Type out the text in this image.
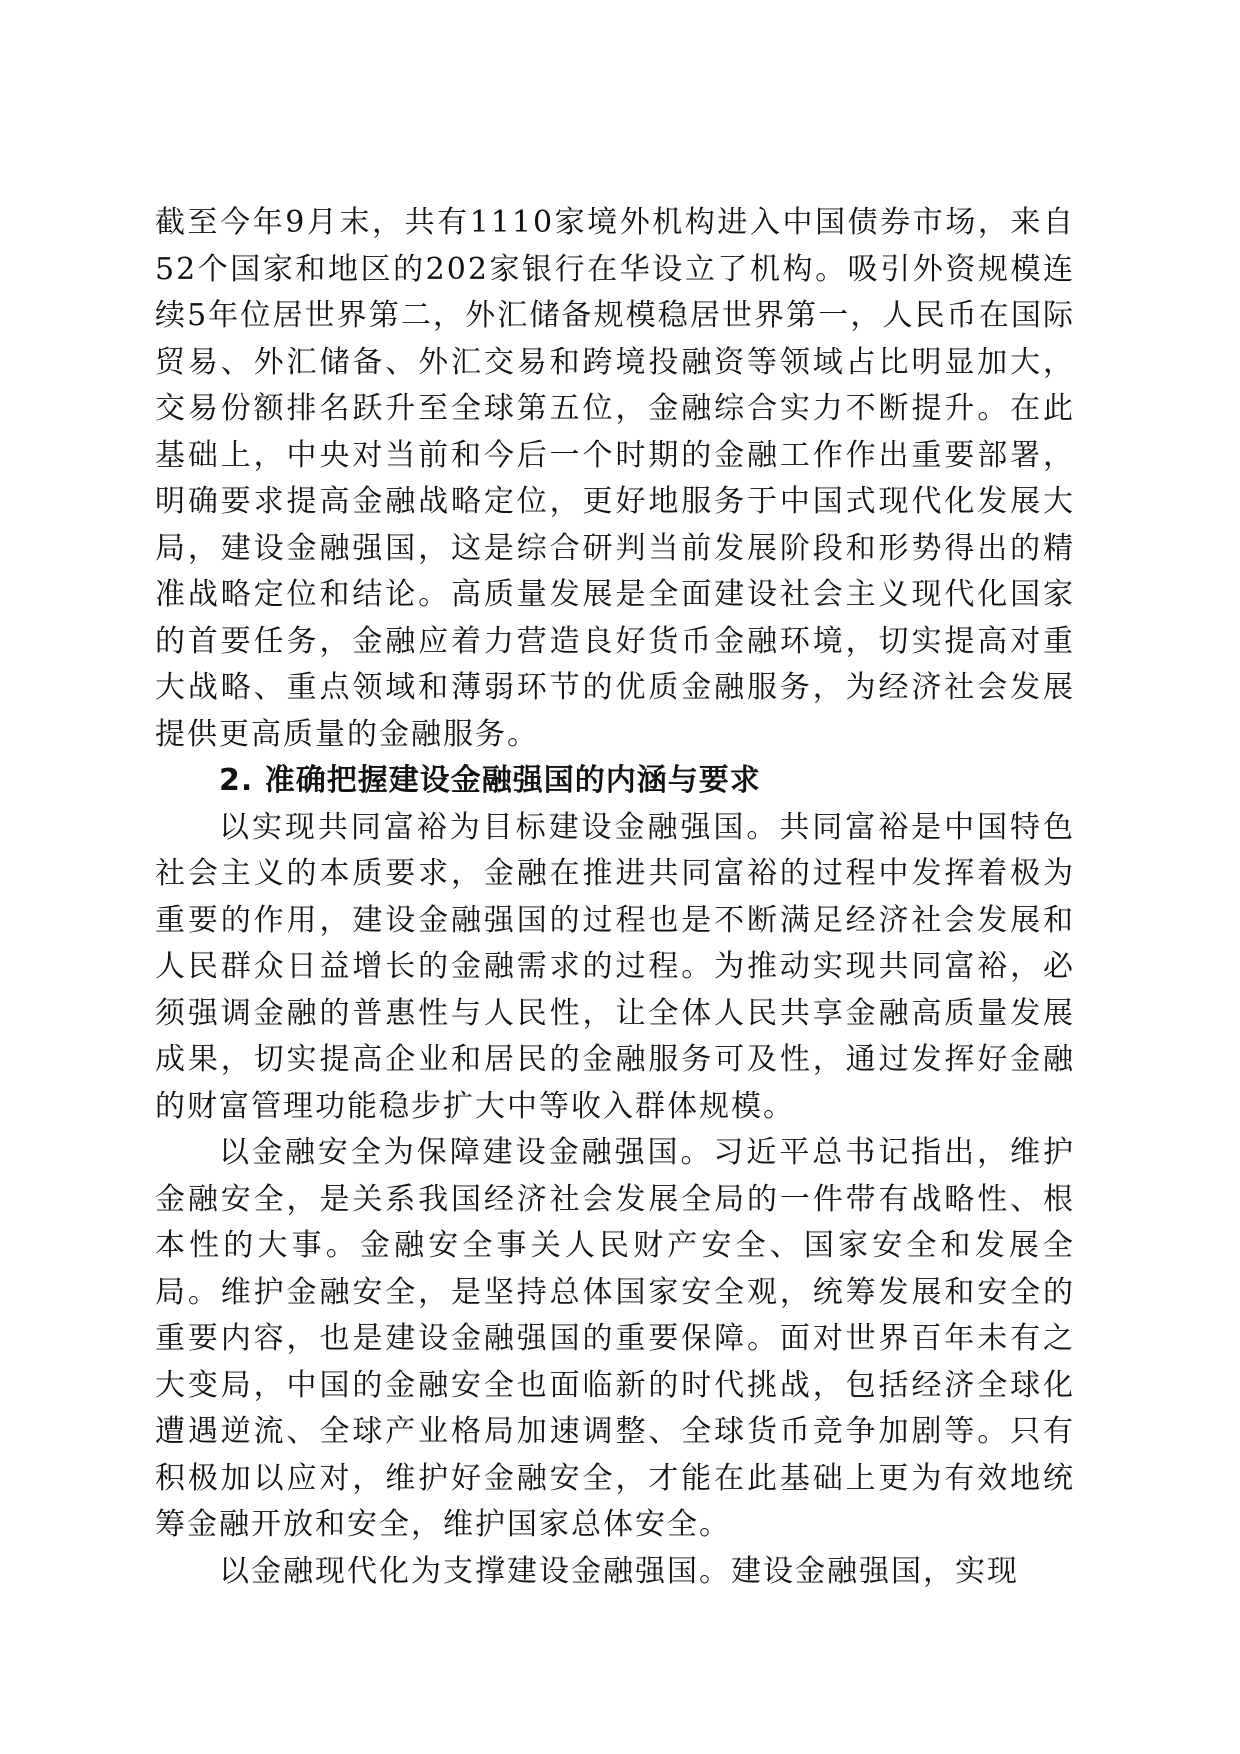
截至今年9月末，共有1110家境外机构进入中国债券市场，来自52个国家和地区的202家银行在华设立了机构。吸引外资规模连续5年位居世界第二，外汇储备规模稳居世界第一，人民币在国际贸易、外汇储备、外汇交易和跨境投融资等领域占比明显加大，交易份额排名跃升至全球第五位，金融综合实力不断提升。在此基础上，中央对当前和今后一个时期的金融工作作出重要部署，明确要求提高金融战略定位，更好地服务于中国式现代化发展大局，建设金融强国，这是综合研判当前发展阶段和形势得出的精准战略定位和结论。高质量发展是全面建设社会主义现代化国家的首要任务，金融应着力营造良好货币金融环境，切实提高对重大战略、重点领域和薄弱环节的优质金融服务，为经济社会发展提供更高质量的金融服务。

2. 准确把握建设金融强国的内涵与要求

以实现共同富裕为目标建设金融强国。共同富裕是中国特色社会主义的本质要求，金融在推进共同富裕的过程中发挥着极为重要的作用，建设金融强国的过程也是不断满足经济社会发展和人民群众日益增长的金融需求的过程。为推动实现共同富裕，必须强调金融的普惠性与人民性，让全体人民共享金融高质量发展成果，切实提高企业和居民的金融服务可及性，通过发挥好金融的财富管理功能稳步扩大中等收入群体规模。

以金融安全为保障建设金融强国。习近平总书记指出，维护金融安全，是关系我国经济社会发展全局的一件带有战略性、根本性的大事。金融安全事关人民财产安全、国家安全和发展全局。维护金融安全，是坚持总体国家安全观，统筹发展和安全的重要内容，也是建设金融强国的重要保障。面对世界百年未有之大变局，中国的金融安全也面临新的时代挑战，包括经济全球化遭遇逆流、全球产业格局加速调整、全球货币竞争加剧等。只有积极加以应对，维护好金融安全，才能在此基础上更为有效地统筹金融开放和安全，维护国家总体安全。

以金融现代化为支撑建设金融强国。建设金融强国，实现
